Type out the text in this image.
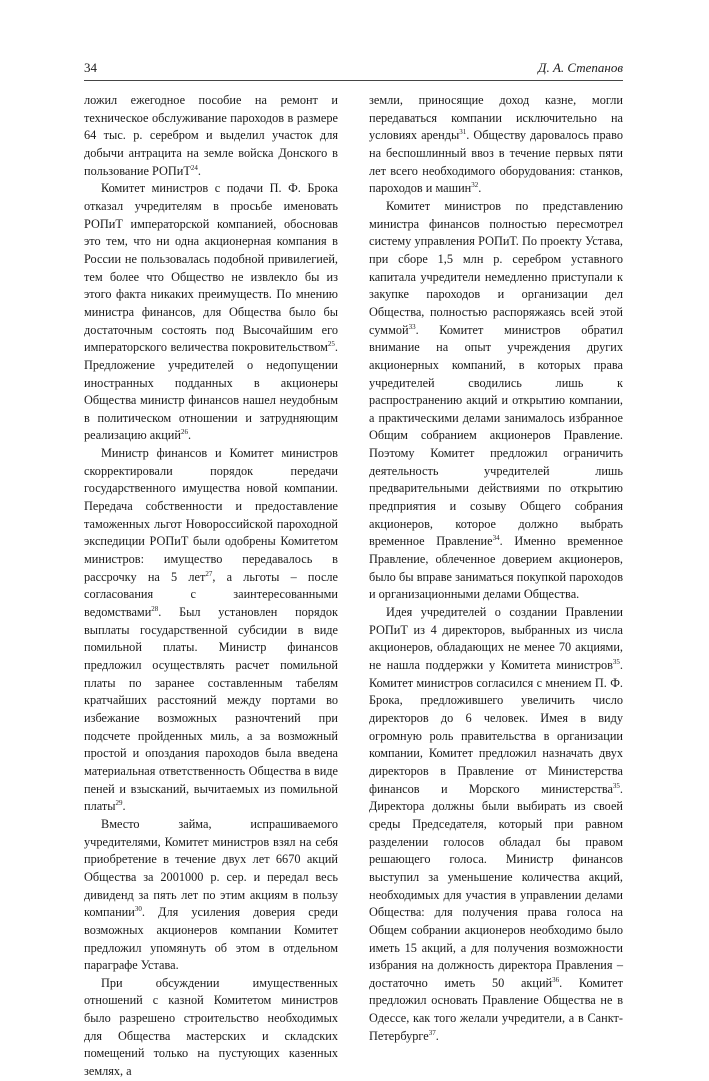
34	Д. А. Степанов

ложил ежегодное пособие на ремонт и техническое обслуживание пароходов в размере 64 тыс. р. серебром и выделил участок для добычи антрацита на земле войска Донского в пользование РОПиТ$^{24}$.

Комитет министров с подачи П. Ф. Брока отказал учредителям в просьбе именовать РОПиТ императорской компанией, обосновав это тем, что ни одна акционерная компания в России не пользовалась подобной привилегией, тем более что Общество не извлекло бы из этого факта никаких преимуществ. По мнению министра финансов, для Общества было бы достаточным состоять под Высочайшим его императорского величества покровительством$^{25}$. Предложение учредителей о недопущении иностранных подданных в акционеры Общества министр финансов нашел неудобным в политическом отношении и затрудняющим реализацию акций$^{26}$.

Министр финансов и Комитет министров скорректировали порядок передачи государственного имущества новой компании. Передача собственности и предоставление таможенных льгот Новороссийской пароходной экспедиции РОПиТ были одобрены Комитетом министров: имущество передавалось в рассрочку на 5 лет$^{27}$, а льготы – после согласования с заинтересованными ведомствами$^{28}$. Был установлен порядок выплаты государственной субсидии в виде помильной платы. Министр финансов предложил осуществлять расчет помильной платы по заранее составленным табелям кратчайших расстояний между портами во избежание возможных разночтений при подсчете пройденных миль, а за возможный простой и опоздания пароходов была введена материальная ответственность Общества в виде пеней и взысканий, вычитаемых из помильной платы$^{29}$.

Вместо займа, испрашиваемого учредителями, Комитет министров взял на себя приобретение в течение двух лет 6670 акций Общества за 2001000 р. сер. и передал весь дивиденд за пять лет по этим акциям в пользу компании$^{30}$. Для усиления доверия среди возможных акционеров компании Комитет предложил упомянуть об этом в отдельном параграфе Устава.

При обсуждении имущественных отношений с казной Комитетом министров было разрешено строительство необходимых для Общества мастерских и складских помещений только на пустующих казенных землях, а

земли, приносящие доход казне, могли передаваться компании исключительно на условиях аренды$^{31}$. Обществу даровалось право на беспошлинный ввоз в течение первых пяти лет всего необходимого оборудования: станков, пароходов и машин$^{32}$.

Комитет министров по представлению министра финансов полностью пересмотрел систему управления РОПиТ. По проекту Устава, при сборе 1,5 млн р. серебром уставного капитала учредители немедленно приступали к закупке пароходов и организации дел Общества, полностью распоряжаясь всей этой суммой$^{33}$. Комитет министров обратил внимание на опыт учреждения других акционерных компаний, в которых права учредителей сводились лишь к распространению акций и открытию компании, а практическими делами занималось избранное Общим собранием акционеров Правление. Поэтому Комитет предложил ограничить деятельность учредителей лишь предварительными действиями по открытию предприятия и созыву Общего собрания акционеров, которое должно выбрать временное Правление$^{34}$. Именно временное Правление, облеченное доверием акционеров, было бы вправе заниматься покупкой пароходов и организационными делами Общества.

Идея учредителей о создании Правлении РОПиТ из 4 директоров, выбранных из числа акционеров, обладающих не менее 70 акциями, не нашла поддержки у Комитета министров$^{35}$. Комитет министров согласился с мнением П. Ф. Брока, предложившего увеличить число директоров до 6 человек. Имея в виду огромную роль правительства в организации компании, Комитет предложил назначать двух директоров в Правление от Министерства финансов и Морского министерства$^{35}$. Директора должны были выбирать из своей среды Председателя, который при равном разделении голосов обладал бы правом решающего голоса. Министр финансов выступил за уменьшение количества акций, необходимых для участия в управлении делами Общества: для получения права голоса на Общем собрании акционеров необходимо было иметь 15 акций, а для получения возможности избрания на должность директора Правления – достаточно иметь 50 акций$^{36}$. Комитет предложил основать Правление Общества не в Одессе, как того желали учредители, а в Санкт-Петербурге$^{37}$.
